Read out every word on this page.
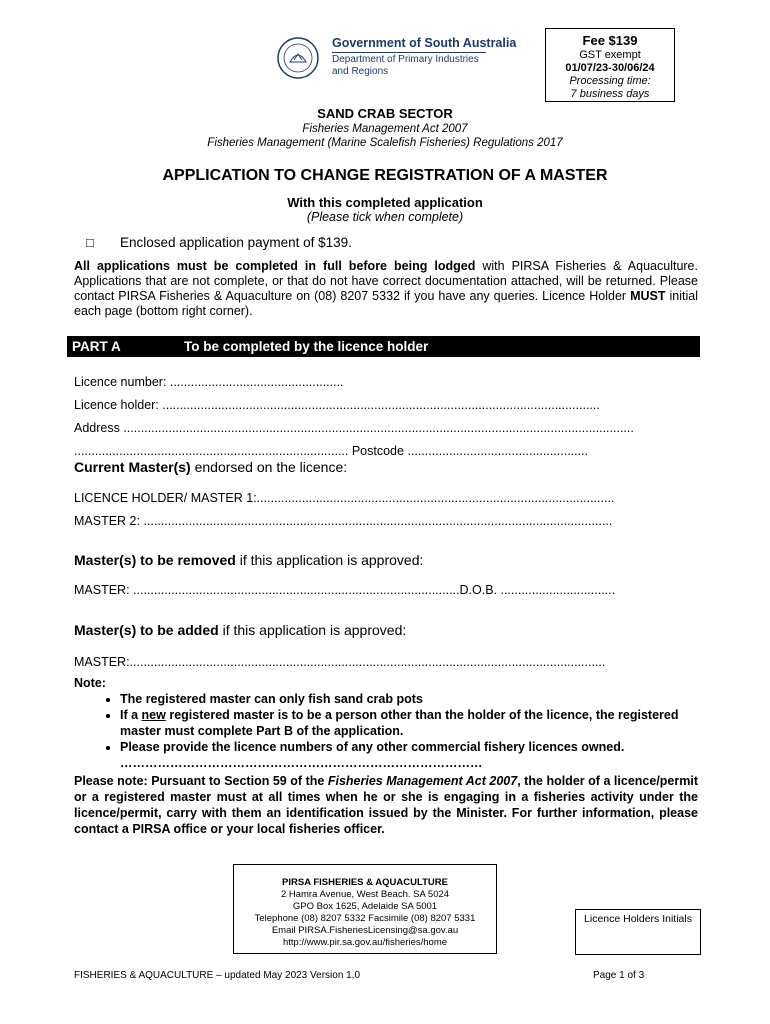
Government of South Australia
Department of Primary Industries
and Regions
Fee $139
GST exempt
01/07/23-30/06/24
Processing time:
7 business days
SAND CRAB SECTOR
Fisheries Management Act 2007
Fisheries Management (Marine Scalefish Fisheries) Regulations 2017
APPLICATION TO CHANGE REGISTRATION OF A MASTER
With this completed application
(Please tick when complete)
□ Enclosed application payment of $139.
All applications must be completed in full before being lodged with PIRSA Fisheries & Aquaculture. Applications that are not complete, or that do not have correct documentation attached, will be returned. Please contact PIRSA Fisheries & Aquaculture on (08) 8207 5332 if you have any queries. Licence Holder MUST initial each page (bottom right corner).
PART A	To be completed by the licence holder
Licence number: ..................................................
Licence holder: ..............................................................................................................................
Address ...................................................................................................................................................
............................................................................... Postcode ....................................................
Current Master(s) endorsed on the licence:
LICENCE HOLDER/ MASTER 1:.......................................................................................................
MASTER 2: .......................................................................................................................................
Master(s) to be removed if this application is approved:
MASTER: ..............................................................................................D.O.B. .................................
Master(s) to be added if this application is approved:
MASTER:.........................................................................................................................................
Note:
• The registered master can only fish sand crab pots
• If a new registered master is to be a person other than the holder of the licence, the registered master must complete Part B of the application.
• Please provide the licence numbers of any other commercial fishery licences owned.
……………………………………………………………………………
Please note: Pursuant to Section 59 of the Fisheries Management Act 2007, the holder of a licence/permit or a registered master must at all times when he or she is engaging in a fisheries activity under the licence/permit, carry with them an identification issued by the Minister. For further information, please contact a PIRSA office or your local fisheries officer.
PIRSA FISHERIES & AQUACULTURE
2 Hamra Avenue, West Beach. SA 5024
GPO Box 1625, Adelaide SA 5001
Telephone (08) 8207 5332 Facsimile (08) 8207 5331
Email PIRSA.FisheriesLicensing@sa.gov.au
http://www.pir.sa.gov.au/fisheries/home
Licence Holders Initials
FISHERIES & AQUACULTURE – updated May 2023 Version 1.0	Page 1 of 3
